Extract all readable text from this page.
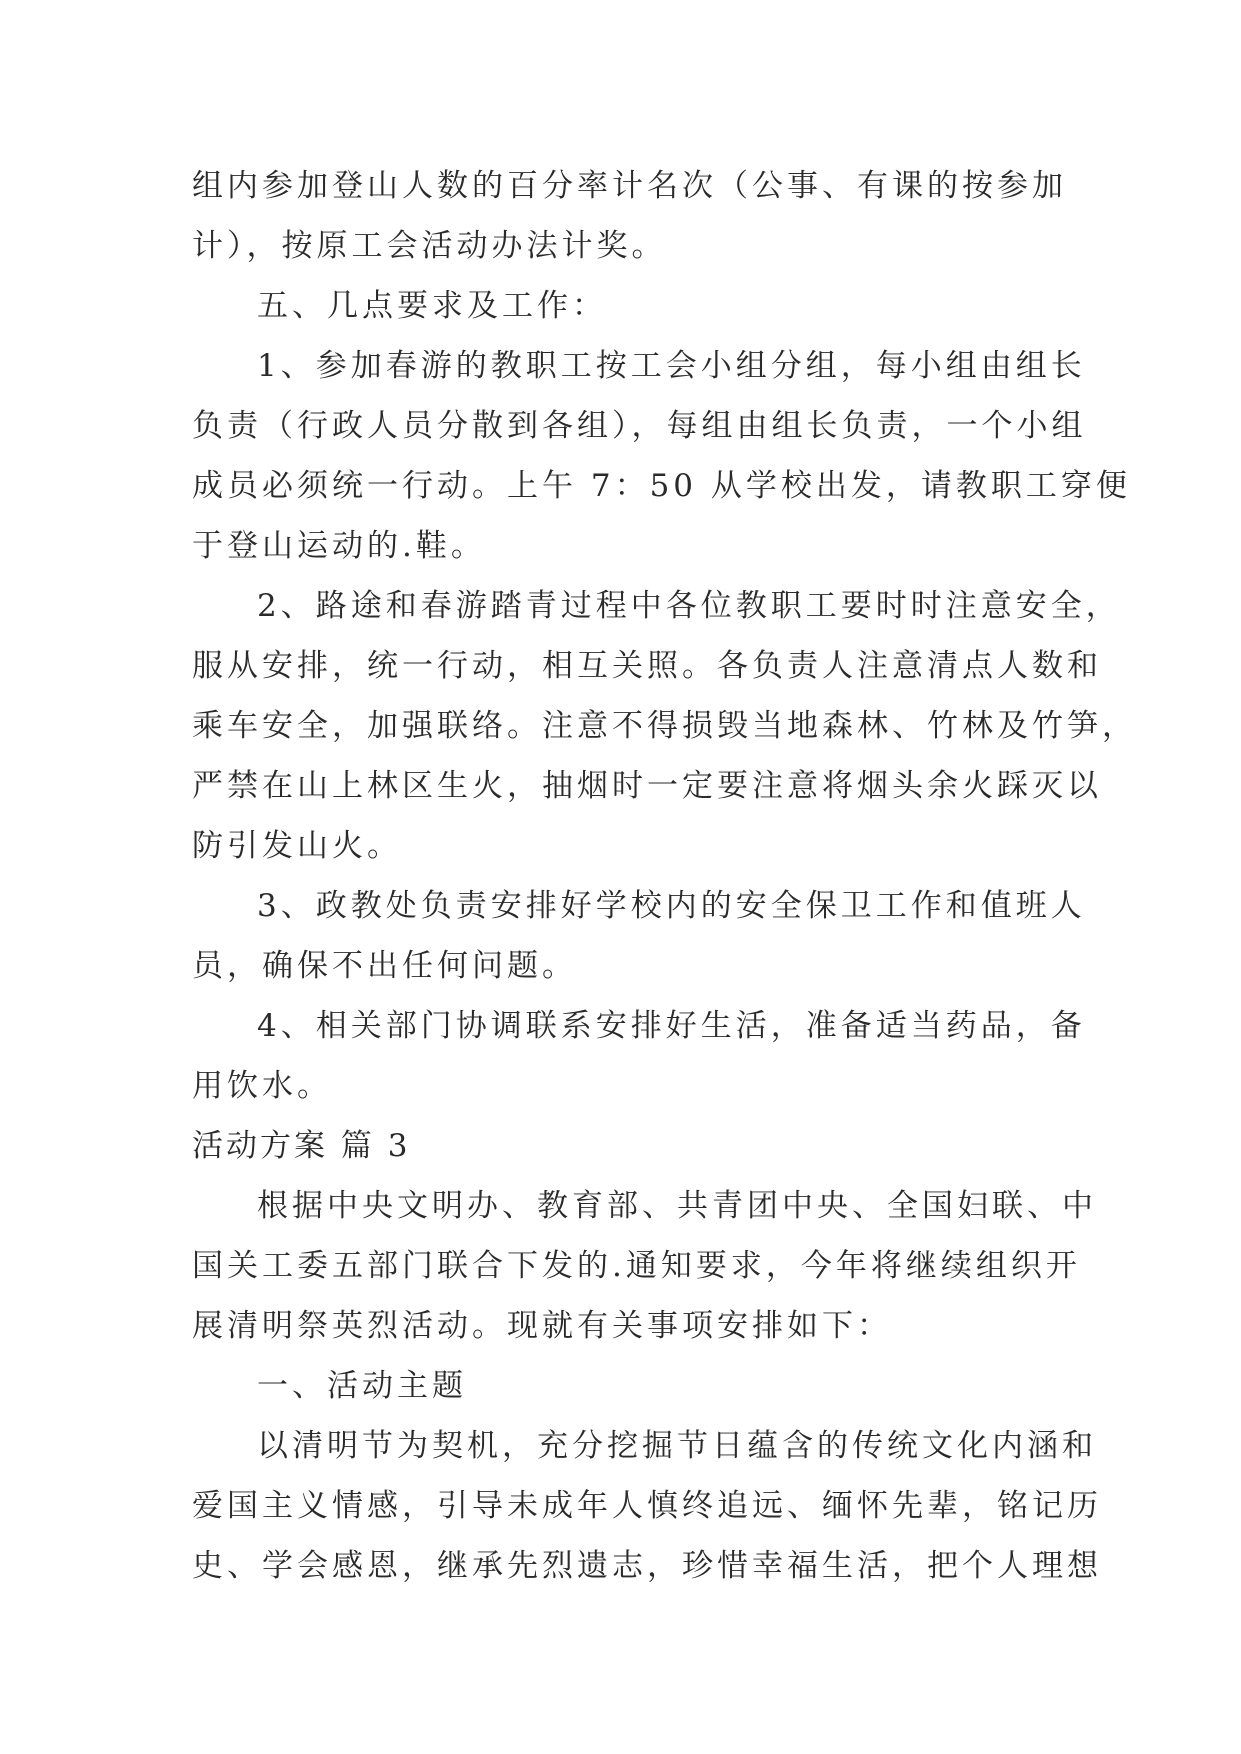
组内参加登山人数的百分率计名次（公事、有课的按参加
计），按原工会活动办法计奖。
五、几点要求及工作：
1、参加春游的教职工按工会小组分组，每小组由组长
负责（行政人员分散到各组），每组由组长负责，一个小组
成员必须统一行动。上午 7：50 从学校出发，请教职工穿便
于登山运动的.鞋。
2、路途和春游踏青过程中各位教职工要时时注意安全，
服从安排，统一行动，相互关照。各负责人注意清点人数和
乘车安全，加强联络。注意不得损毁当地森林、竹林及竹笋，
严禁在山上林区生火，抽烟时一定要注意将烟头余火踩灭以
防引发山火。
3、政教处负责安排好学校内的安全保卫工作和值班人
员，确保不出任何问题。
4、相关部门协调联系安排好生活，准备适当药品，备
用饮水。
活动方案 篇 3
根据中央文明办、教育部、共青团中央、全国妇联、中
国关工委五部门联合下发的.通知要求，今年将继续组织开
展清明祭英烈活动。现就有关事项安排如下：
一、活动主题
以清明节为契机，充分挖掘节日蕴含的传统文化内涵和
爱国主义情感，引导未成年人慎终追远、缅怀先辈，铭记历
史、学会感恩，继承先烈遗志，珍惜幸福生活，把个人理想
